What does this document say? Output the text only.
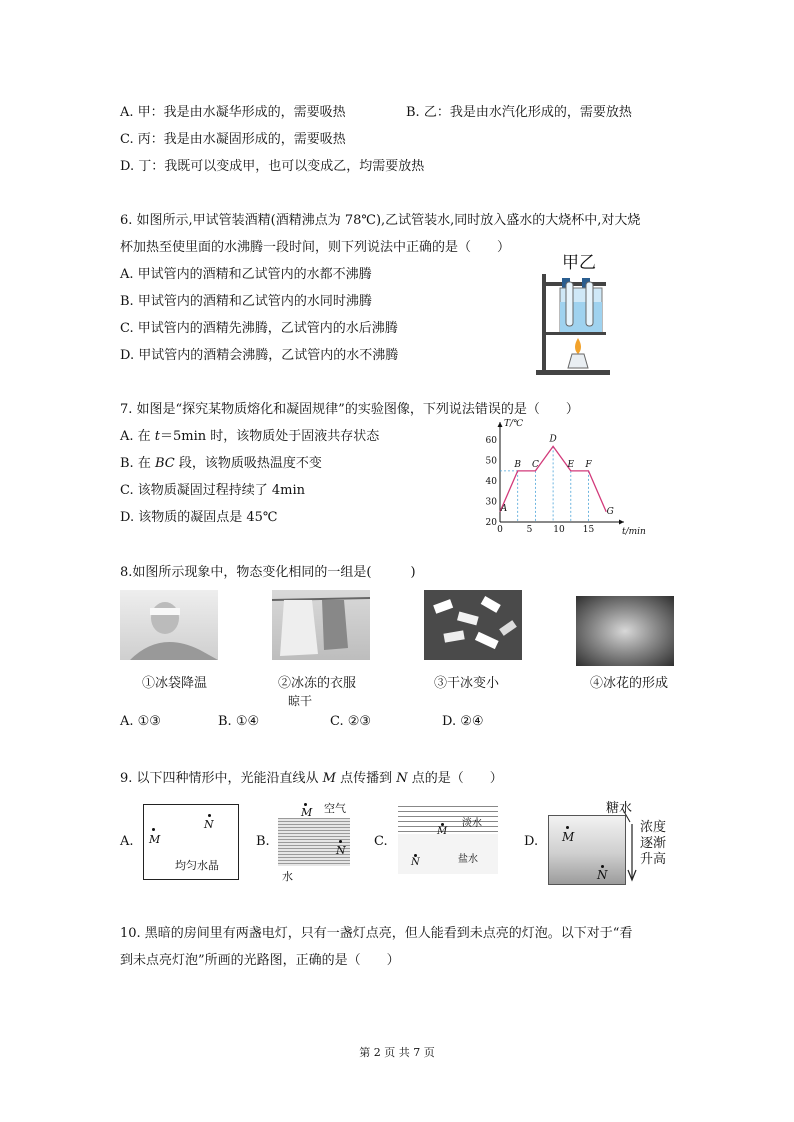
A. 甲：我是由水凝华形成的，需要吸热	B. 乙：我是由水汽化形成的，需要放热
C. 丙：我是由水凝固形成的，需要吸热
D. 丁：我既可以变成甲，也可以变成乙，均需要放热
6. 如图所示,甲试管装酒精(酒精沸点为 78℃),乙试管装水,同时放入盛水的大烧杯中,对大烧
杯加热至使里面的水沸腾一段时间，则下列说法中正确的是（　　）
A. 甲试管内的酒精和乙试管内的水都不沸腾
B. 甲试管内的酒精和乙试管内的水同时沸腾
C. 甲试管内的酒精先沸腾，乙试管内的水后沸腾
D. 甲试管内的酒精会沸腾，乙试管内的水不沸腾
甲乙
7. 如图是“探究某物质熔化和凝固规律”的实验图像，下列说法错误的是（　　）
A. 在 t＝5min 时，该物质处于固液共存状态
B. 在 BC 段，该物质吸热温度不变
C. 该物质凝固过程持续了 4min
D. 该物质的凝固点是 45℃
T/℃
t/min
0	5 10 15
20
30
40
50
60
A
B C
D
E F
G
8.如图所示现象中，物态变化相同的一组是(　　　)
①冰袋降温	②冰冻的衣服
晾干
③干冰变小	④冰花的形成
A. ①③	B. ①④	C. ②③	D. ②④
9. 以下四种情形中，光能沿直线从 M 点传播到 N 点的是（　　）
A.	B.	C.	D.
M
N
均匀水晶
M 空气
N
水
M
N
淡水
盐水
M
N
糖水
浓度
逐渐
升高
10. 黑暗的房间里有两盏电灯，只有一盏灯点亮，但人能看到未点亮的灯泡。以下对于“看
到未点亮灯泡”所画的光路图，正确的是（　　）
第 2 页 共 7 页
